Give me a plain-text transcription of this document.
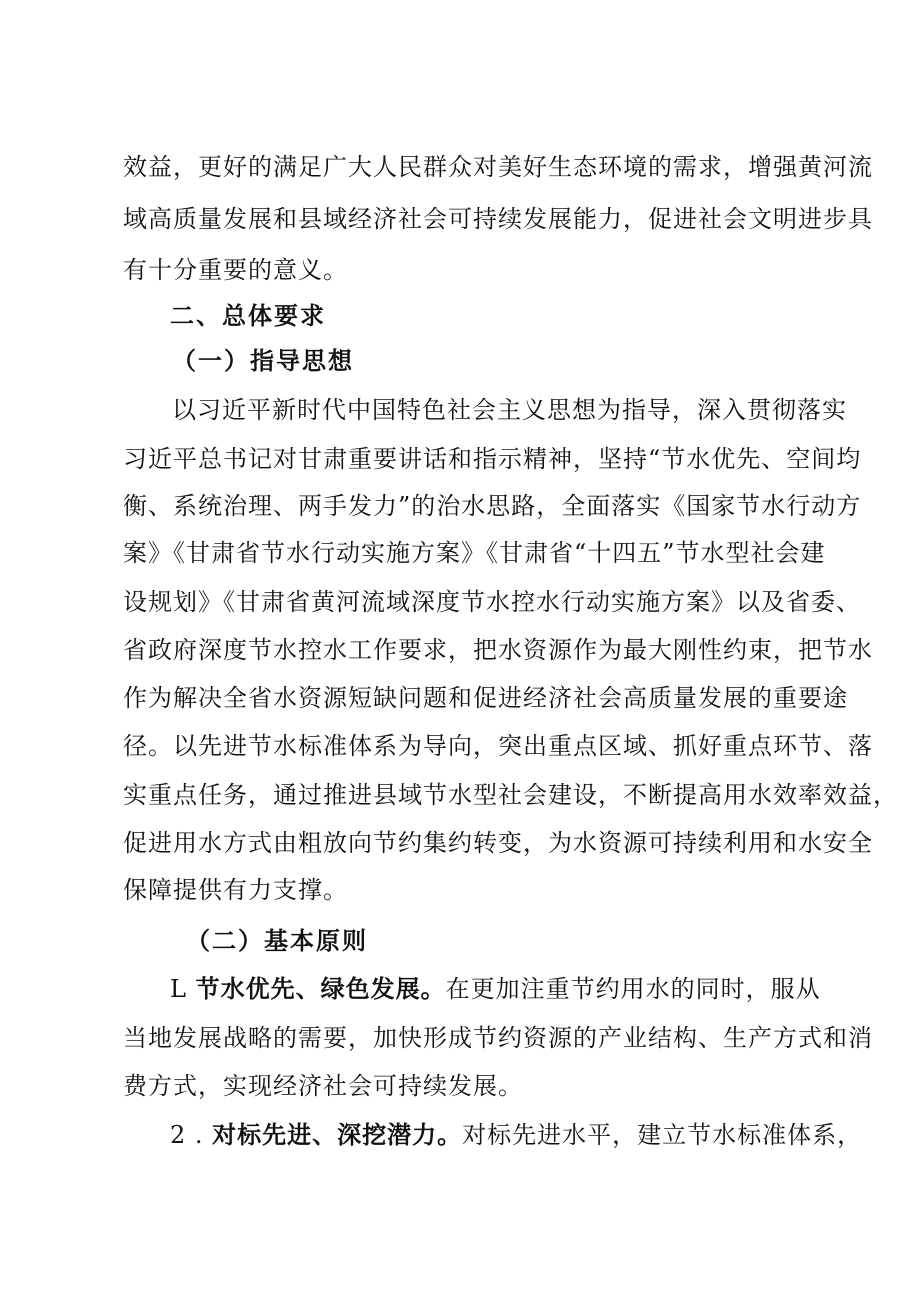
效益，更好的满足广大人民群众对美好生态环境的需求，增强黄河流
域高质量发展和县域经济社会可持续发展能力，促进社会文明进步具
有十分重要的意义。
二、总体要求
（一）指导思想
以习近平新时代中国特色社会主义思想为指导，深入贯彻落实
习近平总书记对甘肃重要讲话和指示精神，坚持“节水优先、空间均
衡、系统治理、两手发力”的治水思路，全面落实《国家节水行动方
案》《甘肃省节水行动实施方案》《甘肃省“十四五”节水型社会建
设规划》《甘肃省黄河流域深度节水控水行动实施方案》以及省委、
省政府深度节水控水工作要求，把水资源作为最大刚性约束，把节水
作为解决全省水资源短缺问题和促进经济社会高质量发展的重要途
径。以先进节水标准体系为导向，突出重点区域、抓好重点环节、落
实重点任务，通过推进县域节水型社会建设，不断提高用水效率效益，
促进用水方式由粗放向节约集约转变，为水资源可持续利用和水安全
保障提供有力支撑。
（二）基本原则
L 节水优先、绿色发展。在更加注重节约用水的同时，服从
当地发展战略的需要，加快形成节约资源的产业结构、生产方式和消
费方式，实现经济社会可持续发展。
2 . 对标先进、深挖潜力。对标先进水平，建立节水标准体系，
